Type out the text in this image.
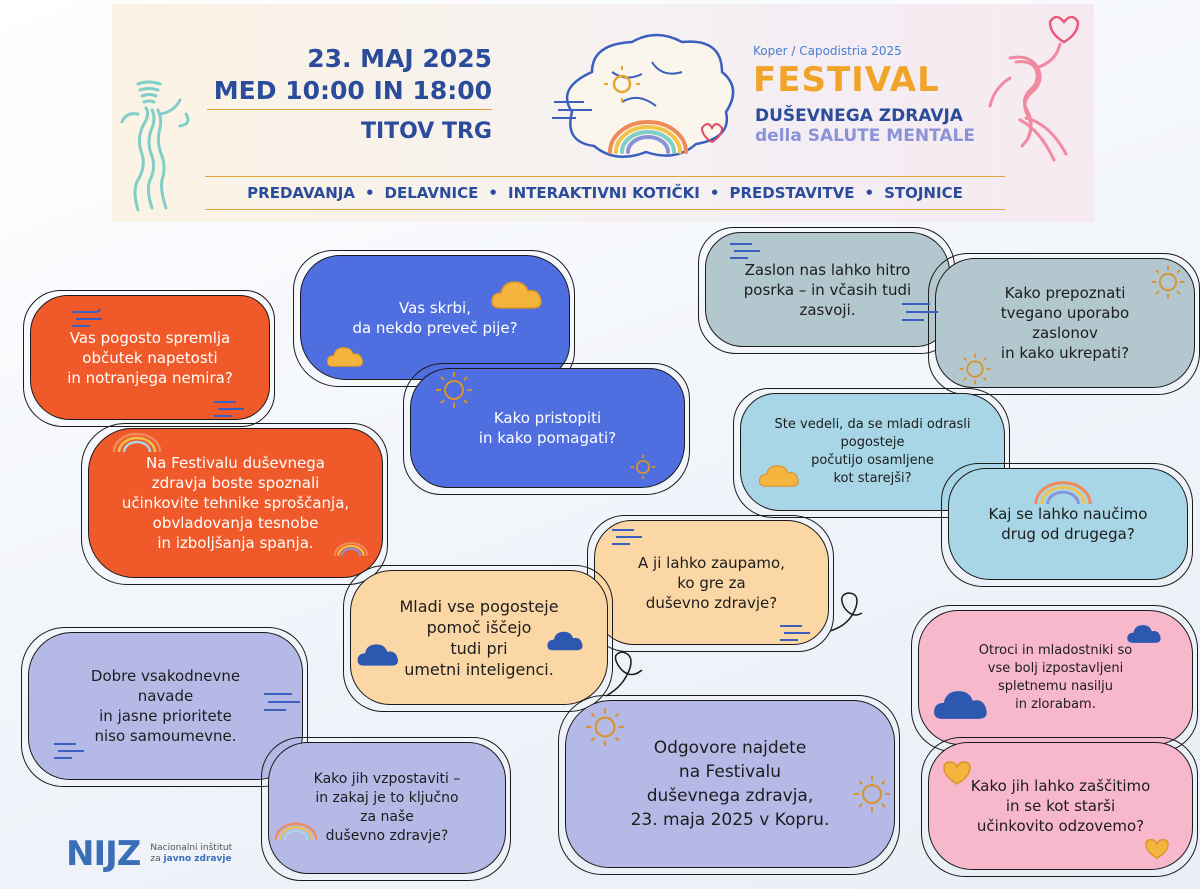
23. MAJ 2025
MED 10:00 IN 18:00
TITOV TRG
Koper / Capodistria 2025
FESTIVAL
DUŠEVNEGA ZDRAVJA
della SALUTE MENTALE
PREDAVANJA • DELAVNICE • INTERAKTIVNI KOTIČKI • PREDSTAVITVE • STOJNICE
Vas pogosto spremlja
občutek napetosti
in notranjega nemira?
Na Festivalu duševnega
zdravja boste spoznali
učinkovite tehnike sproščanja,
obvladovanja tesnobe
in izboljšanja spanja.
Vas skrbi,
da nekdo preveč pije?
Kako pristopiti
in kako pomagati?
Zaslon nas lahko hitro
posrka – in včasih tudi
zasvoji.
Kako prepoznati
tvegano uporabo
zaslonov
in kako ukrepati?
Ste vedeli, da se mladi odrasli
pogosteje
počutijo osamljene
kot starejši?
Kaj se lahko naučimo
drug od drugega?
A ji lahko zaupamo,
ko gre za
duševno zdravje?
Mladi vse pogosteje
pomoč iščejo
tudi pri
umetni inteligenci.
Dobre vsakodnevne
navade
in jasne prioritete
niso samoumevne.
Kako jih vzpostaviti –
in zakaj je to ključno
za naše
duševno zdravje?
Odgovore najdete
na Festivalu
duševnega zdravja,
23. maja 2025 v Kopru.
Otroci in mladostniki so
vse bolj izpostavljeni
spletnemu nasilju
in zlorabam.
Kako jih lahko zaščitimo
in se kot starši
učinkovito odzovemo?
NIJZ Nacionalni inštitut
za javno zdravje
